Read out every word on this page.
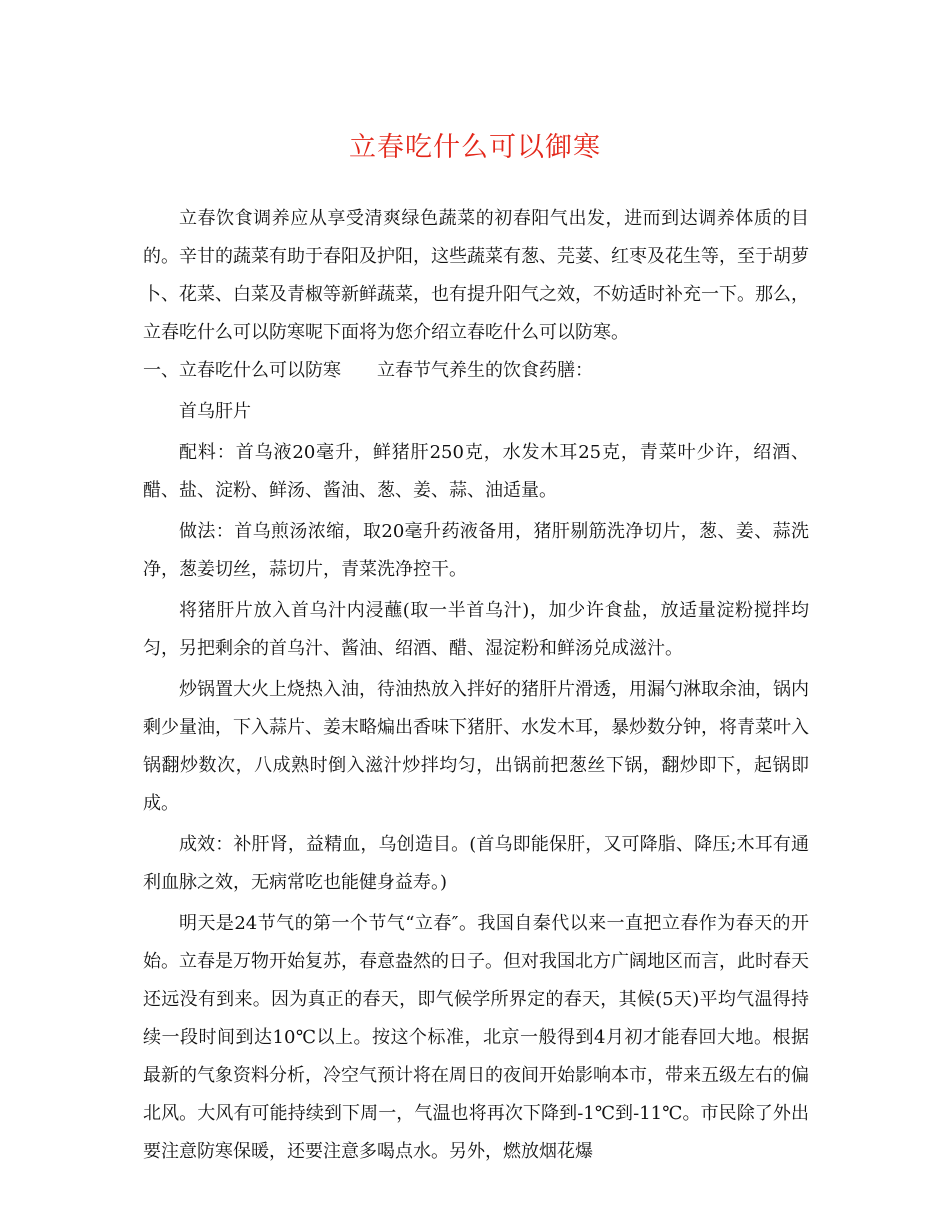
立春吃什么可以御寒

立春饮食调养应从享受清爽绿色蔬菜的初春阳气出发，进而到达调养体质的目的。辛甘的蔬菜有助于春阳及护阳，这些蔬菜有葱、芫荽、红枣及花生等，至于胡萝卜、花菜、白菜及青椒等新鲜蔬菜，也有提升阳气之效，不妨适时补充一下。那么，立春吃什么可以防寒呢下面将为您介绍立春吃什么可以防寒。

一、立春吃什么可以防寒 立春节气养生的饮食药膳：

首乌肝片

配料：首乌液20毫升，鲜猪肝250克，水发木耳25克，青菜叶少许，绍酒、醋、盐、淀粉、鲜汤、酱油、葱、姜、蒜、油适量。

做法：首乌煎汤浓缩，取20毫升药液备用，猪肝剔筋洗净切片，葱、姜、蒜洗净，葱姜切丝，蒜切片，青菜洗净控干。

将猪肝片放入首乌汁内浸蘸(取一半首乌汁)，加少许食盐，放适量淀粉搅拌均匀，另把剩余的首乌汁、酱油、绍酒、醋、湿淀粉和鲜汤兑成滋汁。

炒锅置大火上烧热入油，待油热放入拌好的猪肝片滑透，用漏勺淋取余油，锅内剩少量油，下入蒜片、姜末略煸出香味下猪肝、水发木耳，暴炒数分钟，将青菜叶入锅翻炒数次，八成熟时倒入滋汁炒拌均匀，出锅前把葱丝下锅，翻炒即下，起锅即成。

成效：补肝肾，益精血，乌创造目。(首乌即能保肝，又可降脂、降压;木耳有通利血脉之效，无病常吃也能健身益寿。)

明天是24节气的第一个节气“立春″。我国自秦代以来一直把立春作为春天的开始。立春是万物开始复苏，春意盎然的日子。但对我国北方广阔地区而言，此时春天还远没有到来。因为真正的春天，即气候学所界定的春天，其候(5天)平均气温得持续一段时间到达10℃以上。按这个标准，北京一般得到4月初才能春回大地。根据最新的气象资料分析，冷空气预计将在周日的夜间开始影响本市，带来五级左右的偏北风。大风有可能持续到下周一，气温也将再次下降到-1℃到-11℃。市民除了外出要注意防寒保暖，还要注意多喝点水。另外，燃放烟花爆
